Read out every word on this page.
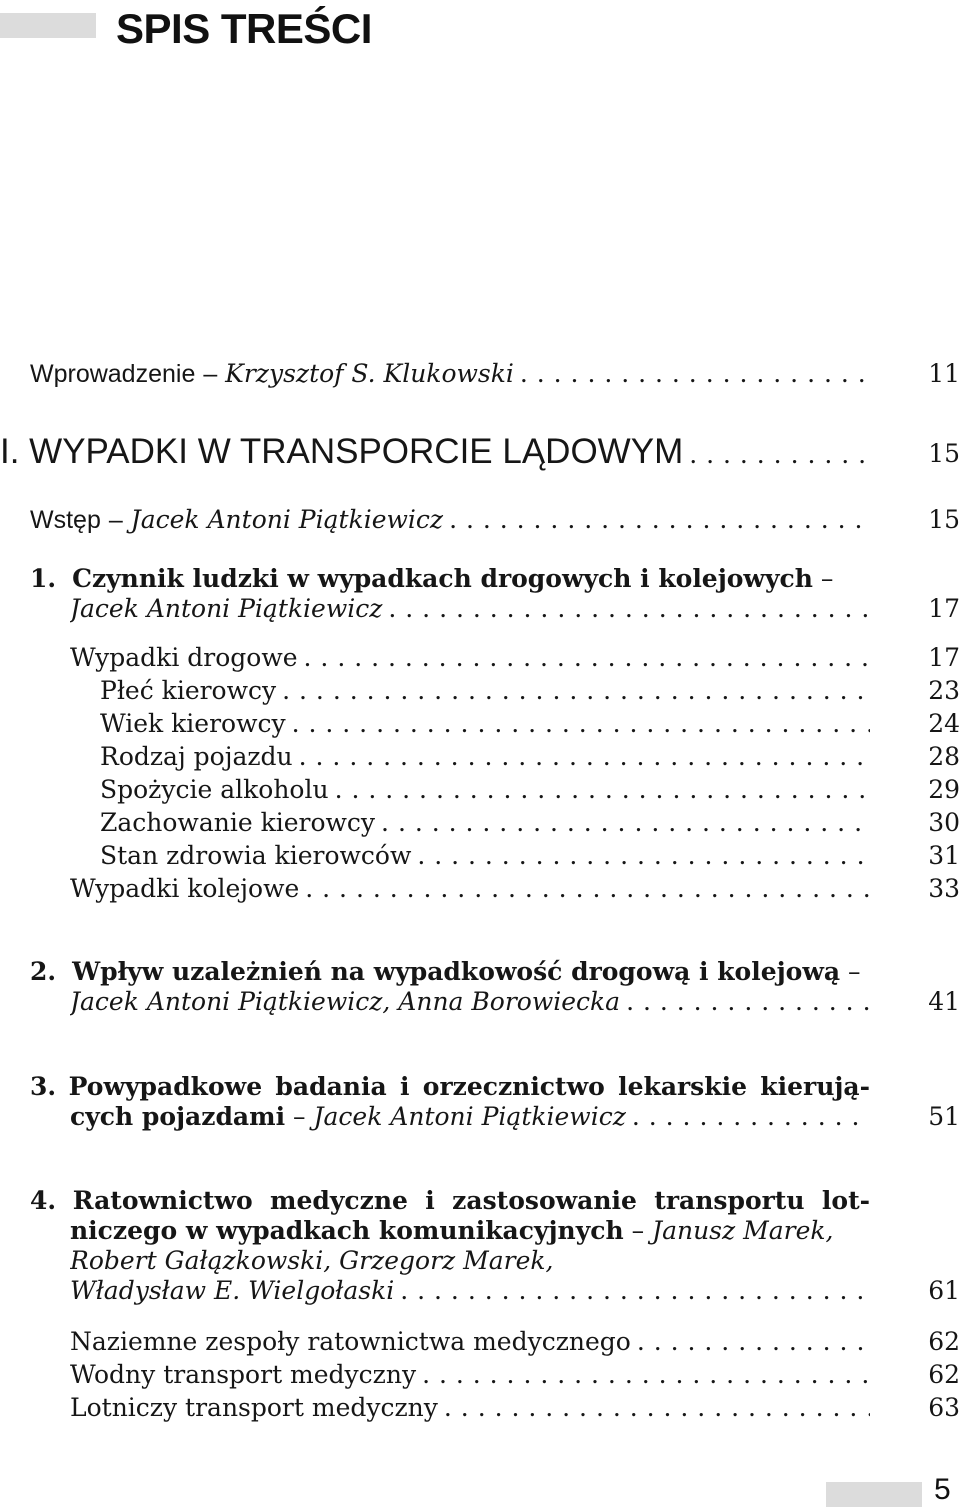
SPIS TREŚCI
Wprowadzenie – Krzysztof S. Klukowski . . .	11
I. WYPADKI W TRANSPORCIE LĄDOWYM . . .	15
Wstęp – Jacek Antoni Piątkiewicz . . .	15
1. Czynnik ludzki w wypadkach drogowych i kolejowych –
Jacek Antoni Piątkiewicz . . .	17
Wypadki drogowe . . .	17
Płeć kierowcy . . .	23
Wiek kierowcy . . .	24
Rodzaj pojazdu . . .	28
Spożycie alkoholu . . .	29
Zachowanie kierowcy . . .	30
Stan zdrowia kierowców . . .	31
Wypadki kolejowe . . .	33
2. Wpływ uzależnień na wypadkowość drogową i kolejową –
Jacek Antoni Piątkiewicz, Anna Borowiecka . . .	41
3. Powypadkowe badania i orzecznictwo lekarskie kierują-
cych pojazdami – Jacek Antoni Piątkiewicz . . .	51
4. Ratownictwo medyczne i zastosowanie transportu lot-
niczego w wypadkach komunikacyjnych – Janusz Marek,
Robert Gałązkowski, Grzegorz Marek,
Władysław E. Wielgołaski . . .	61
Naziemne zespoły ratownictwa medycznego . . .	62
Wodny transport medyczny . . .	62
Lotniczy transport medyczny . . .	63
5
